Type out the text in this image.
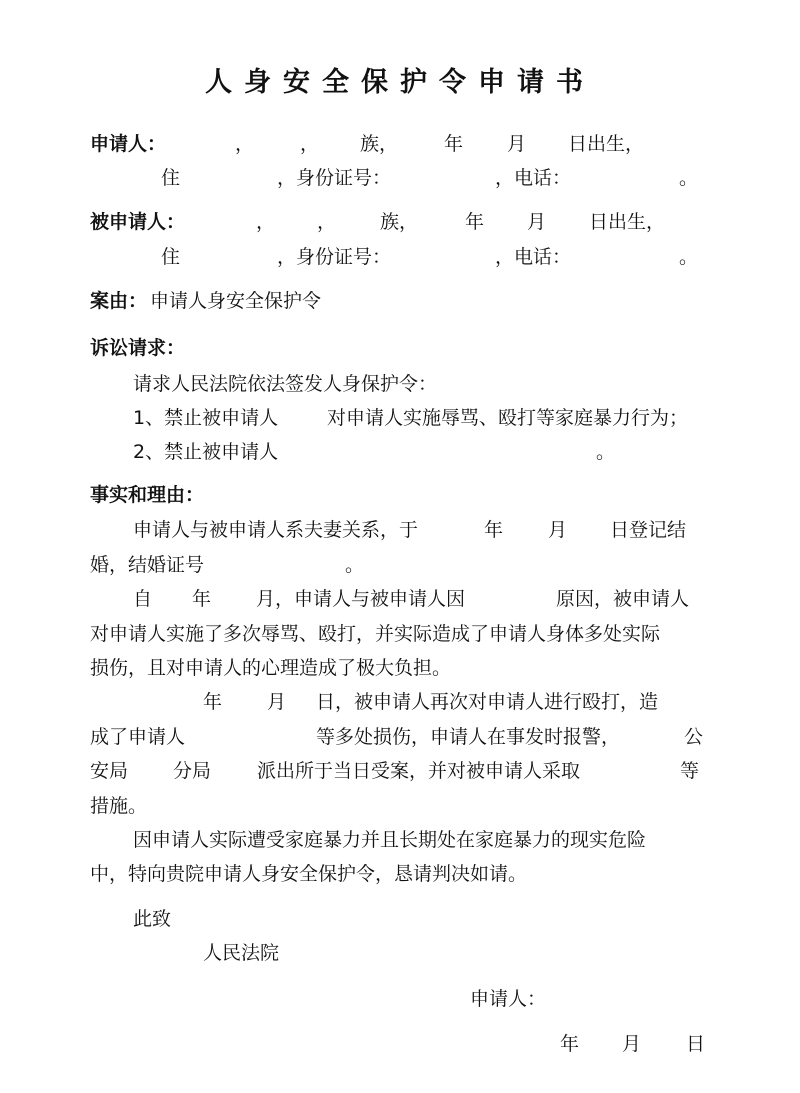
人身安全保护令申请书
申请人：	， ， 族， 年 月 日出生，
住	，身份证号：	，电话：	。
被申请人：	， ， 族， 年 月 日出生，
住	，身份证号：	，电话：	。
案由： 申请人身安全保护令
诉讼请求：
请求人民法院依法签发人身保护令：
1、禁止被申请人	对申请人实施辱骂、殴打等家庭暴力行为；
2、禁止被申请人	。
事实和理由：
申请人与被申请人系夫妻关系，于	年 月 日登记结
婚，结婚证号	。
自 年 月，申请人与被申请人因	原因，被申请人
对申请人实施了多次辱骂、殴打，并实际造成了申请人身体多处实际
损伤，且对申请人的心理造成了极大负担。
年 月 日，被申请人再次对申请人进行殴打，造
成了申请人	等多处损伤，申请人在事发时报警，	公
安局 分局 派出所于当日受案，并对被申请人采取	等
措施。
因申请人实际遭受家庭暴力并且长期处在家庭暴力的现实危险
中，特向贵院申请人身安全保护令，恳请判决如请。
此致
人民法院
申请人：
年 月 日
